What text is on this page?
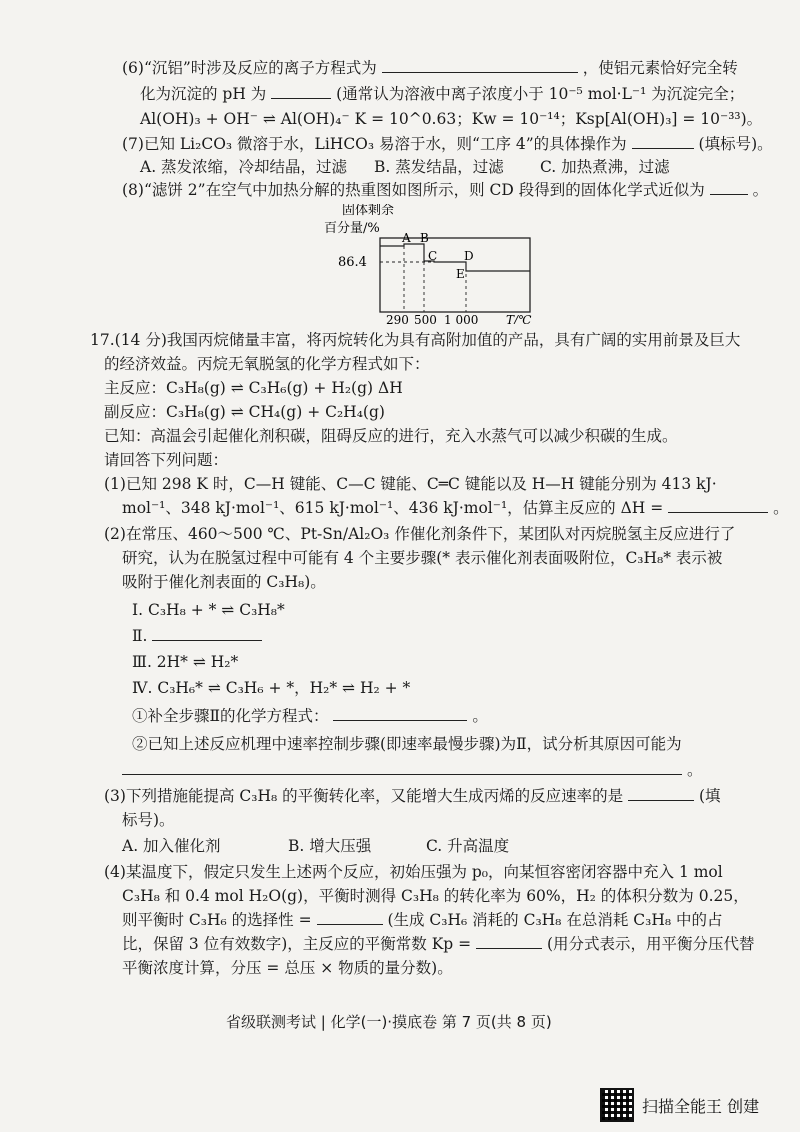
(6)“沉铝”时涉及反应的离子方程式为	，使铝元素恰好完全转
化为沉淀的 pH 为	(通常认为溶液中离子浓度小于 10⁻⁵ mol·L⁻¹ 为沉淀完全；
Al(OH)₃ + OH⁻ ⇌ Al(OH)₄⁻ K = 10^0.63；Kw = 10⁻¹⁴；Ksp[Al(OH)₃] = 10⁻³³)。
(7)已知 Li₂CO₃ 微溶于水，LiHCO₃ 易溶于水，则“工序 4”的具体操作为	(填标号)。
A. 蒸发浓缩，冷却结晶，过滤 B. 蒸发结晶，过滤 C. 加热煮沸，过滤
(8)“滤饼 2”在空气中加热分解的热重图如图所示，则 CD 段得到的固体化学式近似为	。
固体剩余
百分量/%
A B
C D
E
86.4
290 500 1 000 T/℃
17.(14 分)我国丙烷储量丰富，将丙烷转化为具有高附加值的产品，具有广阔的实用前景及巨大
的经济效益。丙烷无氧脱氢的化学方程式如下：
主反应：C₃H₈(g) ⇌ C₃H₆(g) + H₂(g) ΔH
副反应：C₃H₈(g) ⇌ CH₄(g) + C₂H₄(g)
已知：高温会引起催化剂积碳，阻碍反应的进行，充入水蒸气可以减少积碳的生成。
请回答下列问题：
(1)已知 298 K 时，C—H 键能、C—C 键能、C═C 键能以及 H—H 键能分别为 413 kJ·
mol⁻¹、348 kJ·mol⁻¹、615 kJ·mol⁻¹、436 kJ·mol⁻¹，估算主反应的 ΔH =	。
(2)在常压、460～500 ℃、Pt-Sn/Al₂O₃ 作催化剂条件下，某团队对丙烷脱氢主反应进行了
研究，认为在脱氢过程中可能有 4 个主要步骤(* 表示催化剂表面吸附位，C₃H₈* 表示被
吸附于催化剂表面的 C₃H₈)。
Ⅰ. C₃H₈ + * ⇌ C₃H₈*
Ⅱ.
Ⅲ. 2H* ⇌ H₂*
Ⅳ. C₃H₆* ⇌ C₃H₆ + *，H₂* ⇌ H₂ + *
①补全步骤Ⅱ的化学方程式：	。
②已知上述反应机理中速率控制步骤(即速率最慢步骤)为Ⅱ，试分析其原因可能为
。
(3)下列措施能提高 C₃H₈ 的平衡转化率，又能增大生成丙烯的反应速率的是	(填
标号)。
A. 加入催化剂	B. 增大压强	C. 升高温度
(4)某温度下，假定只发生上述两个反应，初始压强为 p₀，向某恒容密闭容器中充入 1 mol
C₃H₈ 和 0.4 mol H₂O(g)，平衡时测得 C₃H₈ 的转化率为 60%，H₂ 的体积分数为 0.25，
则平衡时 C₃H₆ 的选择性 =	(生成 C₃H₆ 消耗的 C₃H₈ 在总消耗 C₃H₈ 中的占
比，保留 3 位有效数字)，主反应的平衡常数 Kp =	(用分式表示，用平衡分压代替
平衡浓度计算，分压 = 总压 × 物质的量分数)。
省级联测考试 | 化学(一)·摸底卷 第 7 页(共 8 页)
扫描全能王 创建
